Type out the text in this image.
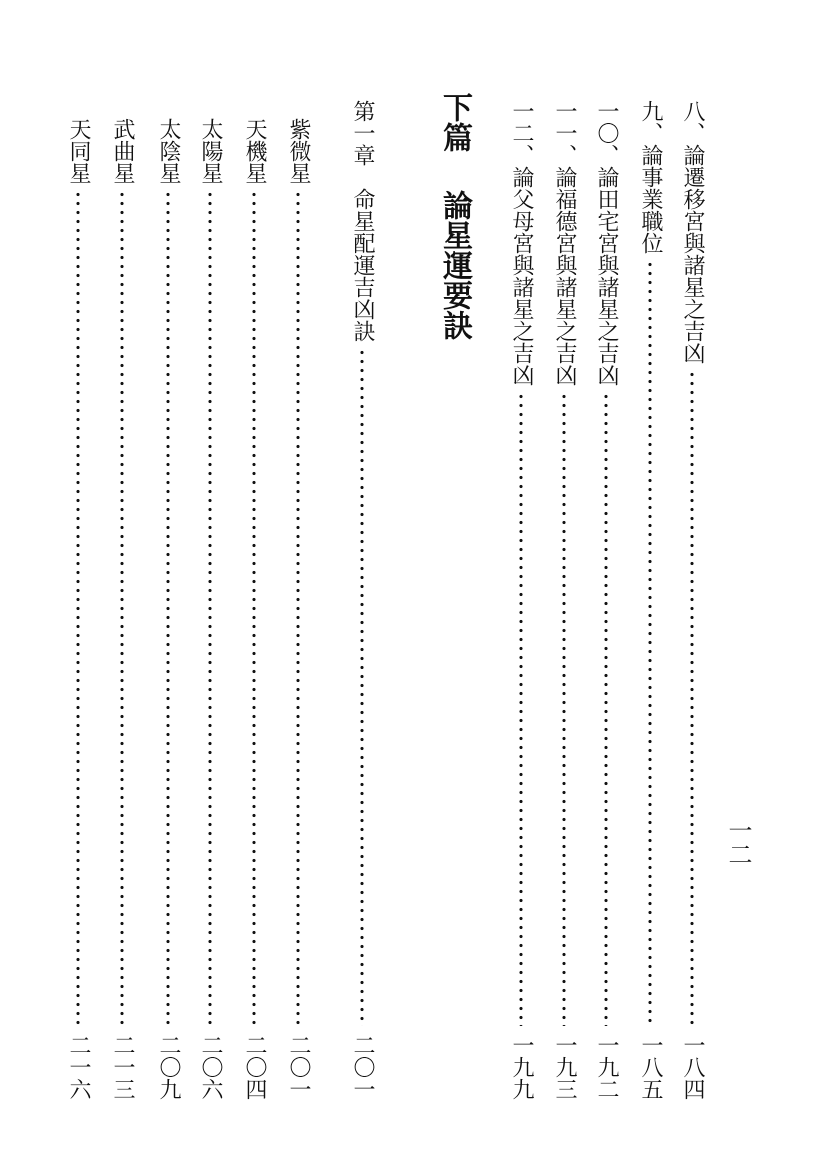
一二
八、論遷移宮與諸星之吉凶
一八四
九、論事業職位
一八五
一〇、論田宅宮與諸星之吉凶
一九二
一一、論福德宮與諸星之吉凶
一九三
一二、論父母宮與諸星之吉凶
一九九
下篇論星運要訣
第一章命星配運吉凶訣
二〇一
紫微星
二〇一
天機星
二〇四
太陽星
二〇六
太陰星
二〇九
武曲星
二一三
天同星
二一六
